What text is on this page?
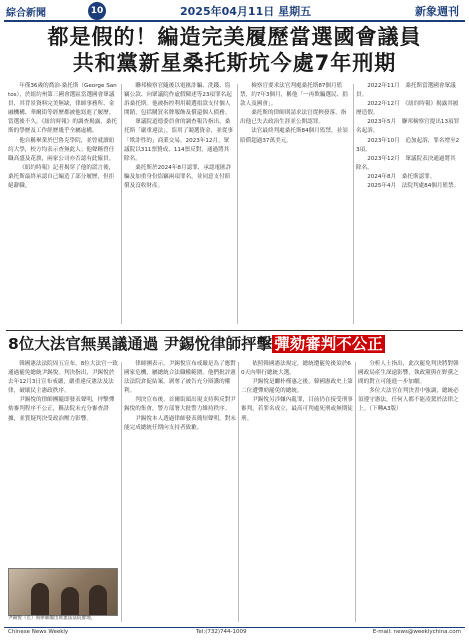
綜合新聞	10	2025年04月11日 星期五	新象週刊
都是假的！編造完美履歷當選國會議員
共和黨新星桑托斯坑今處7年刑期

年僅36歲的喬治·桑托斯（George Santos），於紐約州第三國會選區當選國會眾議員，其背景資料完美無缺，律師事務所、金融機構、華爾街等經歷都被他寫進了履歷。當選後不久，《紐約時報》的調查揭露，桑托斯的學歷及工作經歷幾乎全屬虛構。

他自稱畢業於巴魯克學院，並曾就讀紐約大學，校方均表示查無此人；他聲稱曾任職高盛及花旗，兩家公司亦否認有此僱員。

《紐約時報》記者揭穿了他的謊言後，桑托斯最終承認自己編造了部分履歷，但拒絕辭職。

聯邦檢察官隨後以電匯詐騙、洗錢、盜竊公款、向眾議院作虛假陳述等23項罪名起訴桑托斯。他被指控利用競選捐款支付個人開銷，包括購買名牌服飾及償還個人債務。

眾議院道德委員會的調查報告指出，桑托斯「嚴重違法」，盜用了競選資金，並從事「欺詐性的」商業交易。2023年12月，眾議院以311票贊成、114票反對，通過將其除名。

桑托斯於2024年8月認罪，承認電匯詐騙及加重身份盜竊兩項罪名，並同意支付賠償及沒收財產。

檢察官要求法官判處桑托斯87個月監禁，約7年3個月，稱他「一再欺騙選民、捐款人及國會」。

桑托斯的律師則請求法官從輕發落，指出他已失去政治生涯並公開認罪。

法官最終判處桑托斯84個月監禁，並須賠償超過37萬美元。

2022年11月　桑托斯當選國會眾議員。

2022年12月　《紐約時報》揭露其履歷造假。

2023年5月　聯邦檢察官提出13項罪名起訴。

2023年10月　追加起訴，罪名增至23項。

2023年12月　眾議院表決通過將其除名。

2024年8月　桑托斯認罪。

2025年4月　法院判處84個月監禁。

8位大法官無異議通過 尹錫悅律師抨擊 彈劾審判不公正

韓國憲法法院周五宣布，8位大法官一致通過罷免總統尹錫悅。判決指出，尹錫悅於去年12月3日宣布戒嚴，嚴重違反憲法及法律，破壞民主憲政秩序。

尹錫悅的律師團隨即發表聲明，抨擊彈劾審判程序不公正，稱法院未充分審查證據，並質疑判決受政治壓力影響。

尹錫悅（左）與律師團出席憲法法院審理。

律師團表示，尹錫悅宣布戒嚴是為了應對國家危機，屬總統合法職權範圍。他們批評憲法法院倉促結案，剝奪了被告充分辯護的權利。

判決宣布後，首爾街頭出現支持與反對尹錫悅的集會，警方部署大批警力維持秩序。

尹錫悅本人透過律師發表簡短聲明，對未能完成總統任期向支持者致歉。

依照韓國憲法規定，總統遭罷免後須於60天內舉行總統大選。

尹錫悅是繼朴槿惠之後，韓國憲政史上第二位遭彈劾罷免的總統。

尹錫悅另涉嫌內亂罪，目前仍在接受刑事審判。若罪名成立，最高可判處死刑或無期徒刑。

分析人士指出，此次罷免判決將對韓國政局產生深遠影響，執政黨與在野黨之間的對立可能進一步加劇。

多位大法官在判決書中強調，總統必須遵守憲法，任何人都不能凌駕於法律之上。（下轉A3版）

Chinese News Weekly	Tel:(732)744-1009	E-mail: news@weeklychina.com
